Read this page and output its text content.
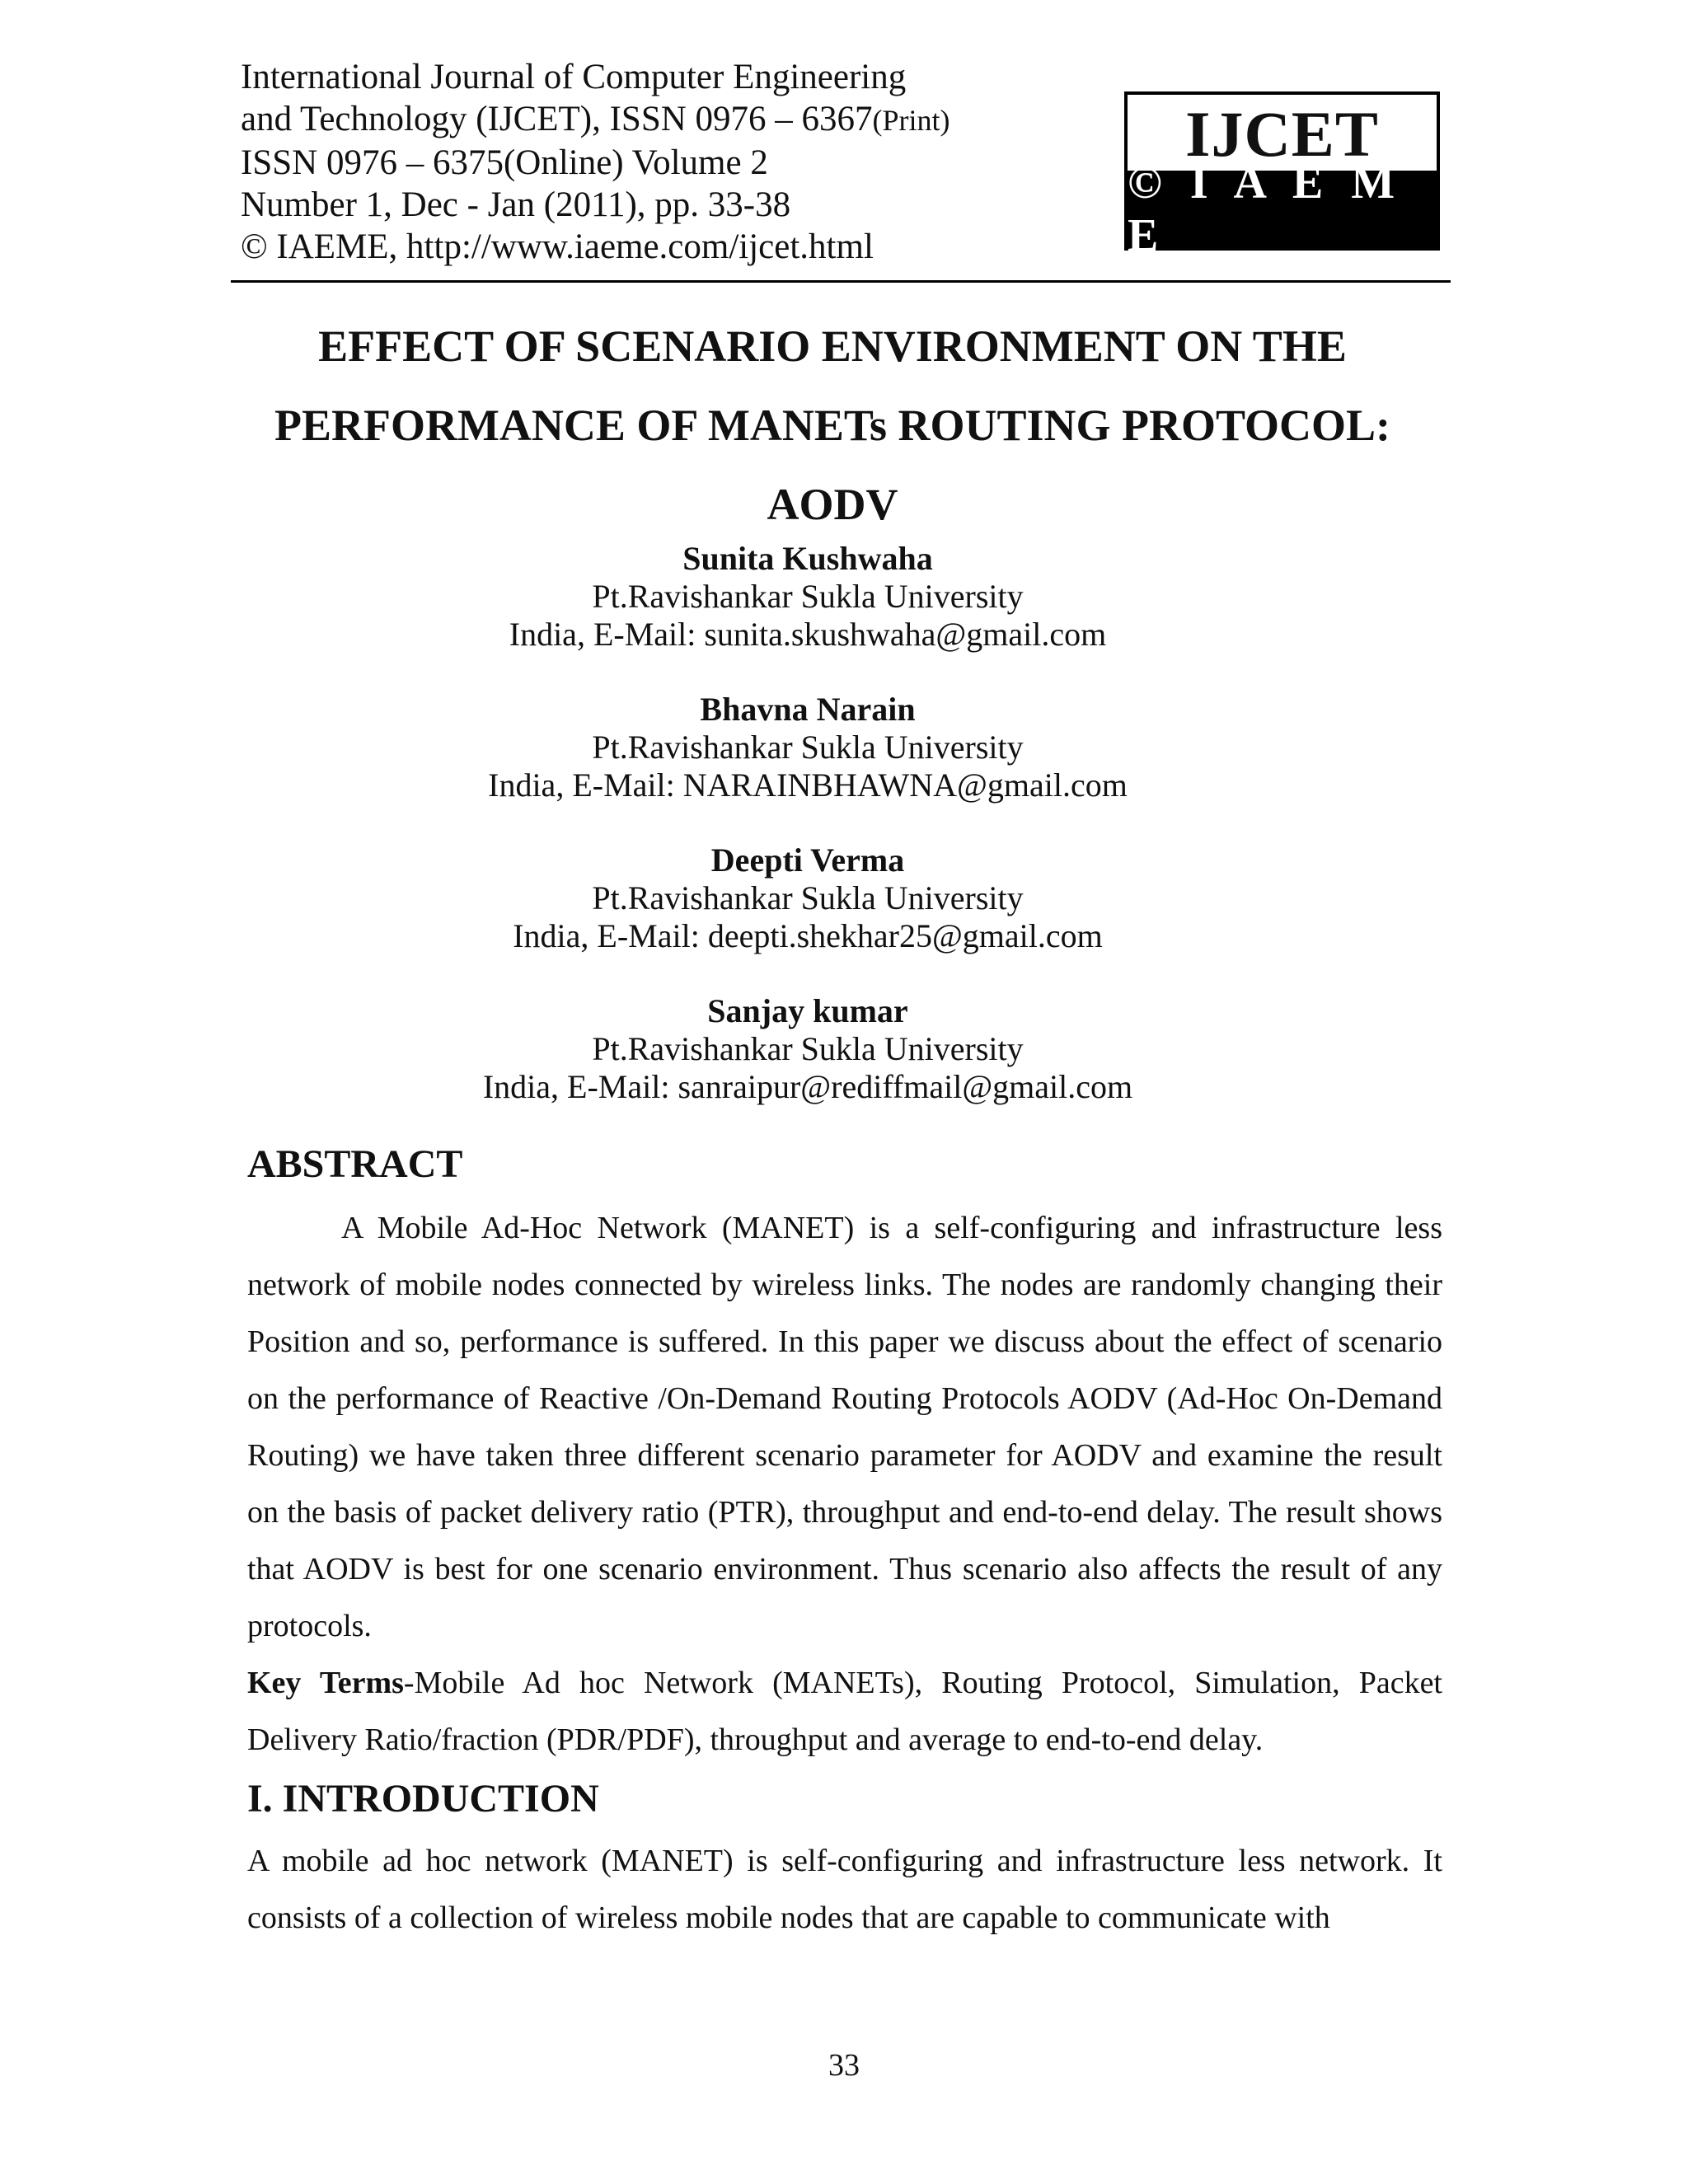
International Journal of Computer Engineering
and Technology (IJCET), ISSN 0976 – 6367(Print)
ISSN 0976 – 6375(Online) Volume 2
Number 1, Dec - Jan (2011), pp. 33-38
© IAEME, http://www.iaeme.com/ijcet.html
IJCET
© I A E M E
EFFECT OF SCENARIO ENVIRONMENT ON THE
PERFORMANCE OF MANETs ROUTING PROTOCOL:
AODV
Sunita Kushwaha
Pt.Ravishankar Sukla University
India, E-Mail: sunita.skushwaha@gmail.com
Bhavna Narain
Pt.Ravishankar Sukla University
India, E-Mail: NARAINBHAWNA@gmail.com
Deepti Verma
Pt.Ravishankar Sukla University
India, E-Mail: deepti.shekhar25@gmail.com
Sanjay kumar
Pt.Ravishankar Sukla University
India, E-Mail: sanraipur@rediffmail@gmail.com
ABSTRACT
A Mobile Ad-Hoc Network (MANET) is a self-configuring and infrastructure less network of mobile nodes connected by wireless links. The nodes are randomly changing their Position and so, performance is suffered. In this paper we discuss about the effect of scenario on the performance of Reactive /On-Demand Routing Protocols AODV (Ad-Hoc On-Demand Routing) we have taken three different scenario parameter for AODV and examine the result on the basis of packet delivery ratio (PTR), throughput and end-to-end delay. The result shows that AODV is best for one scenario environment. Thus scenario also affects the result of any protocols.
Key Terms-Mobile Ad hoc Network (MANETs), Routing Protocol, Simulation, Packet Delivery Ratio/fraction (PDR/PDF), throughput and average to end-to-end delay.
I. INTRODUCTION
A mobile ad hoc network (MANET) is self-configuring and infrastructure less network. It consists of a collection of wireless mobile nodes that are capable to communicate with
33
